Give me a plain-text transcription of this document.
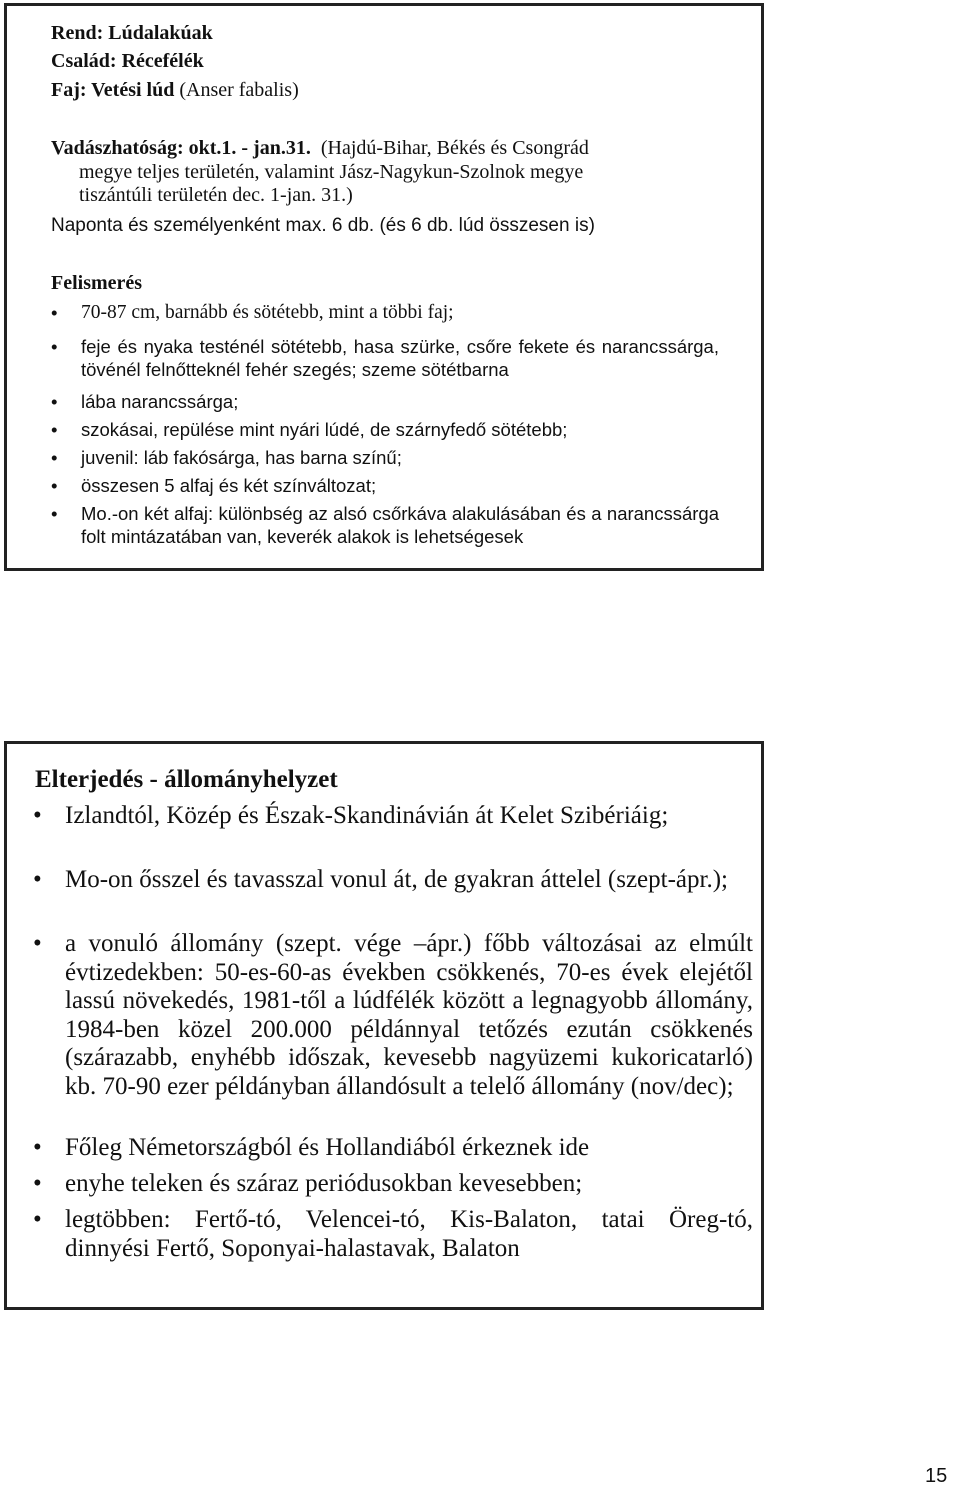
Rend: Lúdalakúak
Család: Récefélék
Faj: Vetési lúd (Anser fabalis)
Vadászhatóság: okt.1. - jan.31. (Hajdú-Bihar, Békés és Csongrád
megye teljes területén, valamint Jász-Nagykun-Szolnok megye
tiszántúli területén dec. 1-jan. 31.)
Naponta és személyenként max. 6 db. (és 6 db. lúd összesen is)
Felismerés
• 70-87 cm, barnább és sötétebb, mint a többi faj;
• feje és nyaka testénél sötétebb, hasa szürke, csőre fekete és narancssárga, tövénél felnőtteknél fehér szegés; szeme sötétbarna
• lába narancssárga;
• szokásai, repülése mint nyári lúdé, de szárnyfedő sötétebb;
• juvenil: láb fakósárga, has barna színű;
• összesen 5 alfaj és két színváltozat;
• Mo.-on két alfaj: különbség az alsó csőrkáva alakulásában és a narancssárga folt mintázatában van, keverék alakok is lehetségesek
Elterjedés - állományhelyzet
• Izlandtól, Közép és Észak-Skandinávián át Kelet Szibériáig;
• Mo-on ősszel és tavasszal vonul át, de gyakran áttelel (szept-ápr.);
• a vonuló állomány (szept. vége –ápr.) főbb változásai az elmúlt évtizedekben: 50-es-60-as években csökkenés, 70-es évek elejétől lassú növekedés, 1981-től a lúdfélék között a legnagyobb állomány, 1984-ben közel 200.000 példánnyal tetőzés ezután csökkenés (szárazabb, enyhébb időszak, kevesebb nagyüzemi kukoricatarló) kb. 70-90 ezer példányban állandósult a telelő állomány (nov/dec);
• Főleg Németországból és Hollandiából érkeznek ide
• enyhe teleken és száraz periódusokban kevesebben;
• legtöbben: Fertő-tó, Velencei-tó, Kis-Balaton, tatai Öreg-tó, dinnyési Fertő, Soponyai-halastavak, Balaton
15
